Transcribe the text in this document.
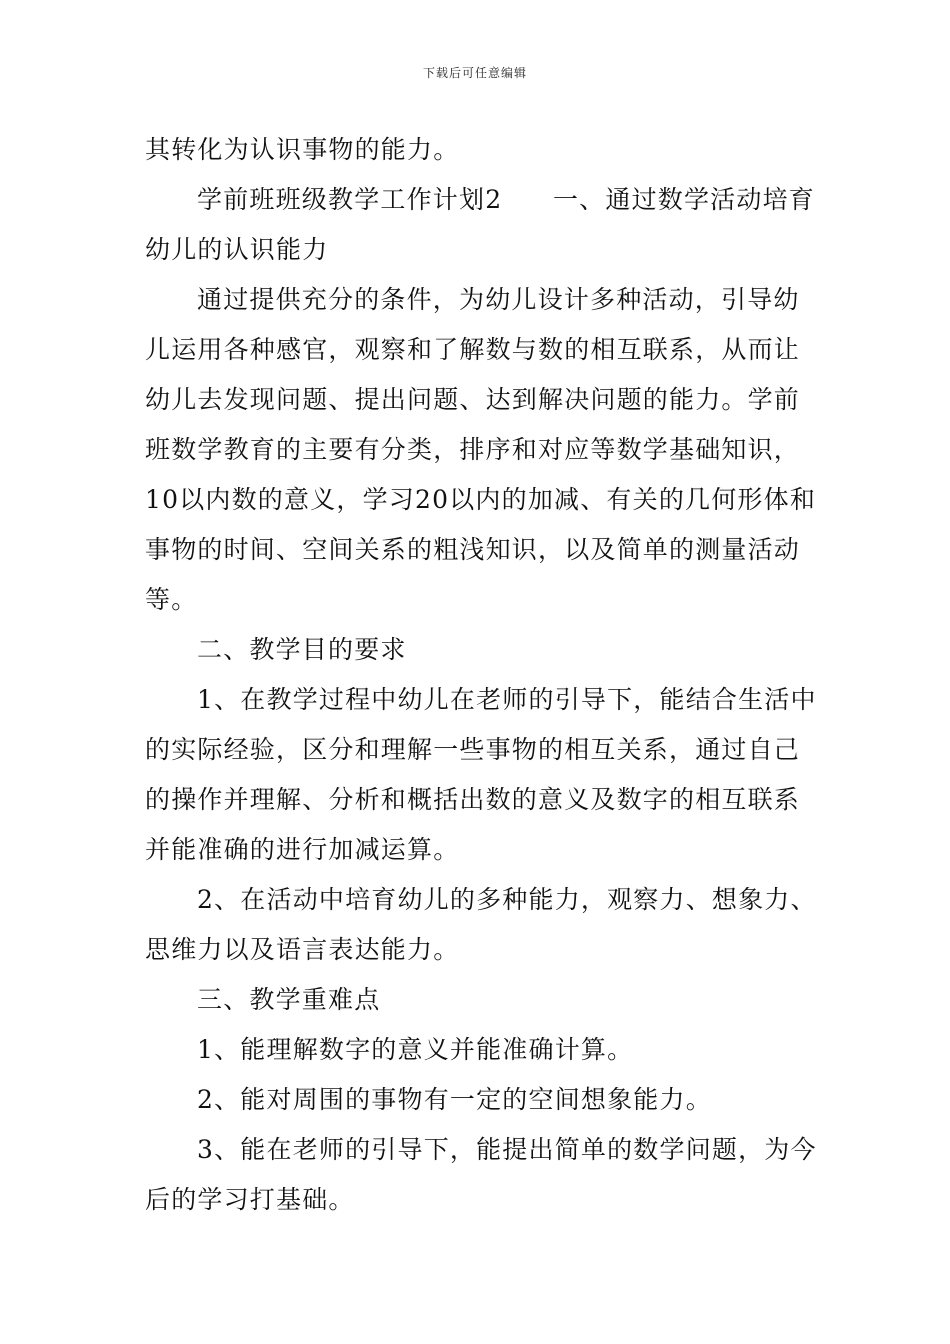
下载后可任意编辑
其转化为认识事物的能力。
学前班班级教学工作计划2	一、通过数学活动培育
幼儿的认识能力
通过提供充分的条件，为幼儿设计多种活动，引导幼
儿运用各种感官，观察和了解数与数的相互联系，从而让
幼儿去发现问题、提出问题、达到解决问题的能力。学前
班数学教育的主要有分类，排序和对应等数学基础知识，
10以内数的意义，学习20以内的加减、有关的几何形体和
事物的时间、空间关系的粗浅知识，以及简单的测量活动
等。
二、教学目的要求
1、在教学过程中幼儿在老师的引导下，能结合生活中
的实际经验，区分和理解一些事物的相互关系，通过自己
的操作并理解、分析和概括出数的意义及数字的相互联系
并能准确的进行加减运算。
2、在活动中培育幼儿的多种能力，观察力、想象力、
思维力以及语言表达能力。
三、教学重难点
1、能理解数字的意义并能准确计算。
2、能对周围的事物有一定的空间想象能力。
3、能在老师的引导下，能提出简单的数学问题，为今
后的学习打基础。
